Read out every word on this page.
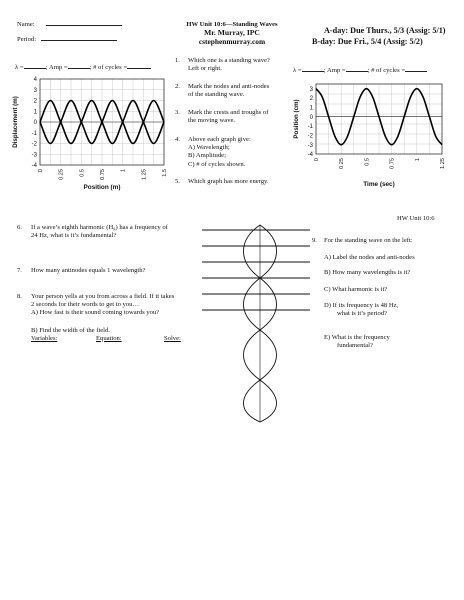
Name:
Period:
HW Unit 10:6—Standing Waves
Mr. Murray, IPC
cstephenmurray.com
A-day: Due Thurs., 5/3 (Assig: 5/1)
B-day: Due Fri., 5/4 (Assig: 5/2)
λ =	; Amp =	; # of cycles =
4
3
2
1
0
-1
-2
-3
-4
0	0.25	0.5	0.75	1	1.25	1.5
Displacement (m)
Position (m)
1. Which one is a standing wave?
Left or right.
2. Mark the nodes and anti-nodes
of the standing wave.
3. Mark the crests and troughs of
the moving wave.
4. Above each graph give:
A) Wavelength;
B) Amplitude;
C) # of cycles shown.
5. Which graph has more energy.
λ =	; Amp =	; # of cycles =
3
2
1
0
-1
-2
-3
-4
0	0.25	0.5	0.75	1	1.25
Position (cm)
Time (sec)
HW Unit 10:6
6. If a wave’s eighth harmonic (H₈) has a frequency of
24 Hz, what is it’s fundamental?
7. How many antinodes equals 1 wavelength?
8. Your person yells at you from across a field. If it takes
2 seconds for their words to get to you…
A) How fast is their sound coming towards you?
B) Find the width of the field.
Variables:	Equation:	Solve:
9. For the standing wave on the left:
A) Label the nodes and anti-nodes
B) How many wavelengths is it?
C) What harmonic is it?
D) If its frequency is 48 Hz,
what is it’s period?
E) What is the frequency
fundamental?
